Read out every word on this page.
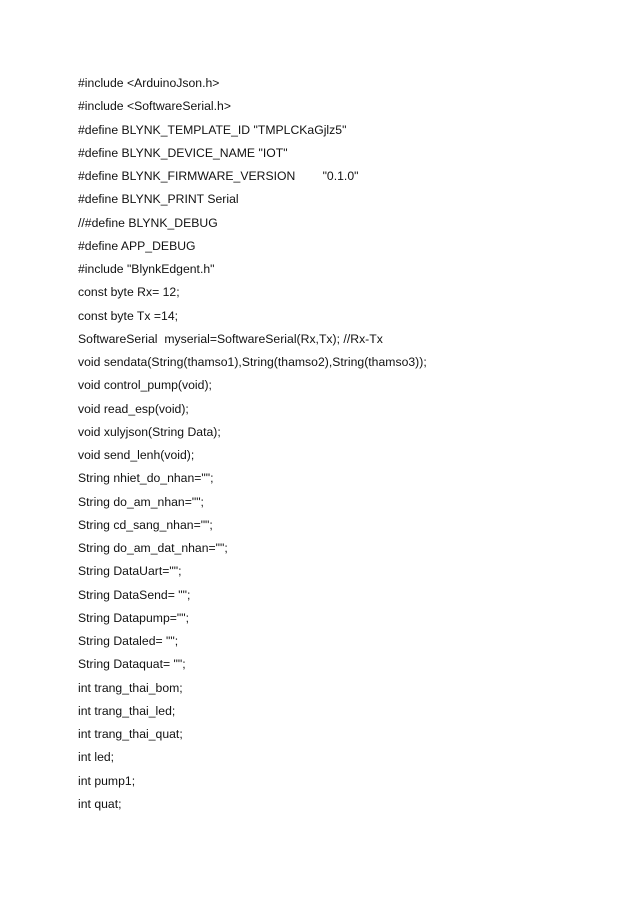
#include <ArduinoJson.h>
#include <SoftwareSerial.h>
#define BLYNK_TEMPLATE_ID "TMPLCKaGjlz5"
#define BLYNK_DEVICE_NAME "IOT"
#define BLYNK_FIRMWARE_VERSION        "0.1.0"
#define BLYNK_PRINT Serial
//#define BLYNK_DEBUG
#define APP_DEBUG
#include "BlynkEdgent.h"
const byte Rx= 12;
const byte Tx =14;
SoftwareSerial  myserial=SoftwareSerial(Rx,Tx); //Rx-Tx
void sendata(String(thamso1),String(thamso2),String(thamso3));
void control_pump(void);
void read_esp(void);
void xulyjson(String Data);
void send_lenh(void);
String nhiet_do_nhan="";
String do_am_nhan="";
String cd_sang_nhan="";
String do_am_dat_nhan="";
String DataUart="";
String DataSend= "";
String Datapump="";
String Dataled= "";
String Dataquat= "";
int trang_thai_bom;
int trang_thai_led;
int trang_thai_quat;
int led;
int pump1;
int quat;
